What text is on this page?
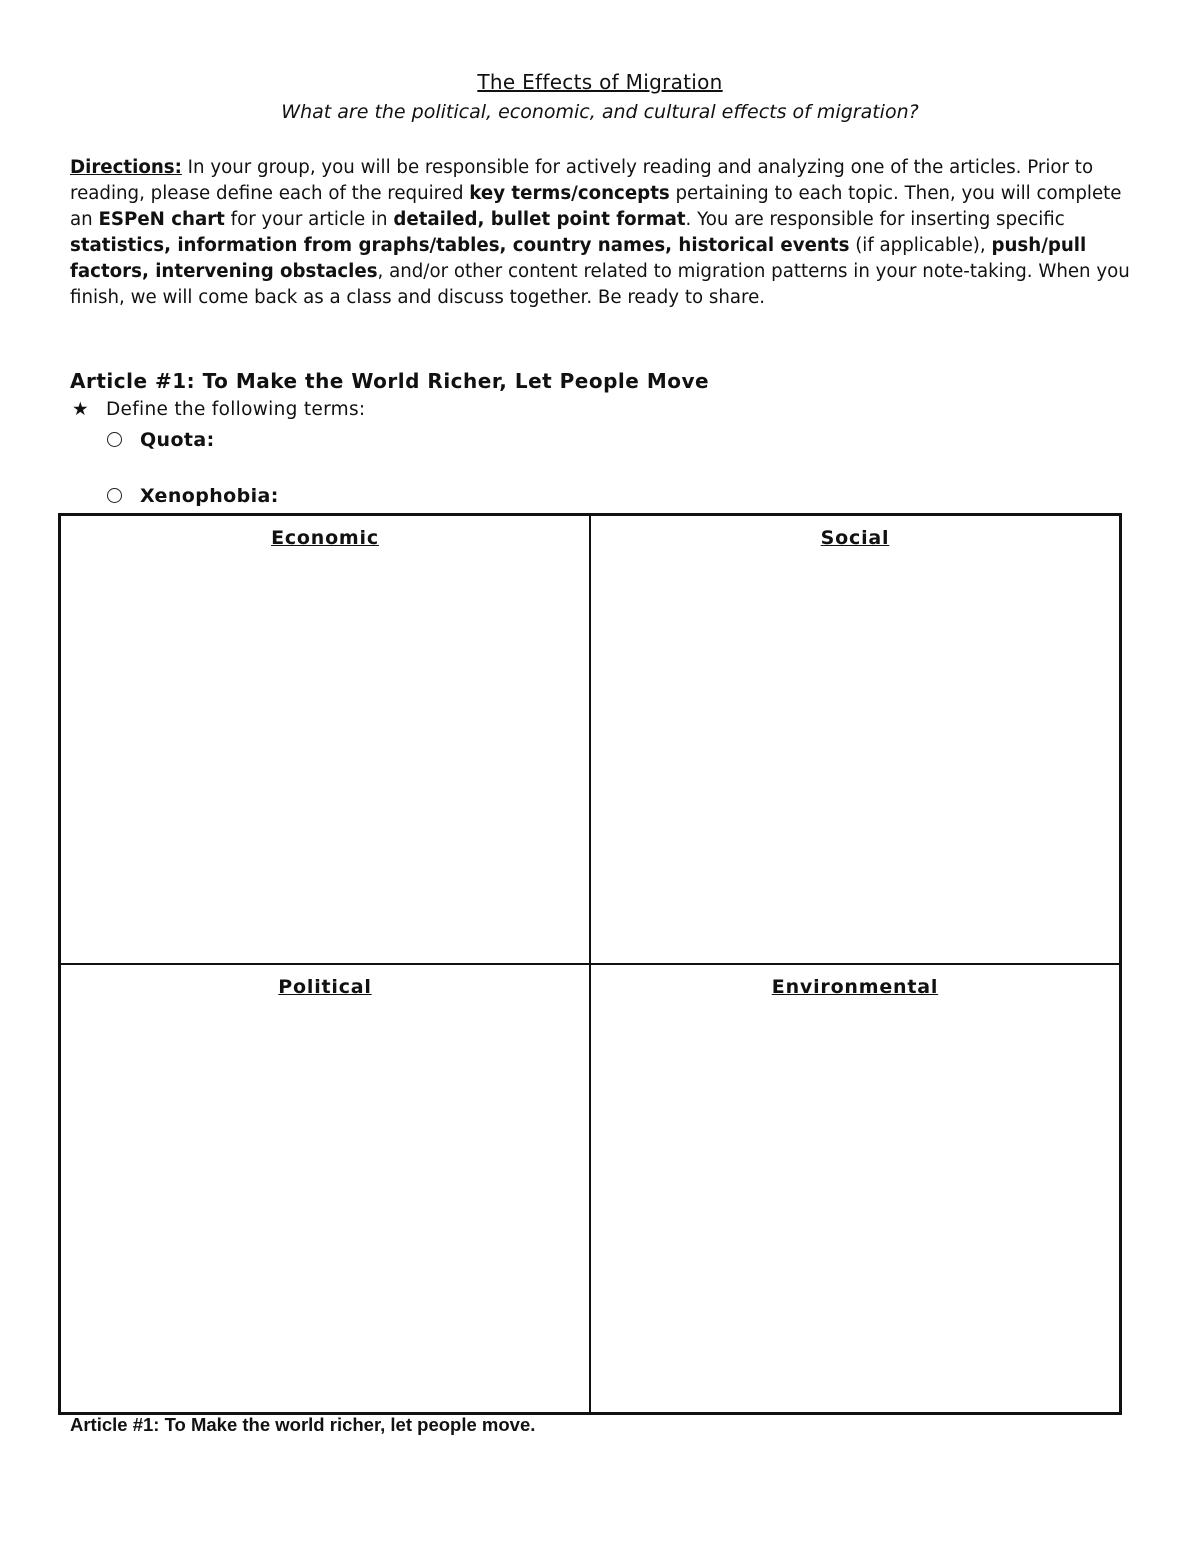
The Effects of Migration
What are the political, economic, and cultural effects of migration?
Directions: In your group, you will be responsible for actively reading and analyzing one of the articles. Prior to reading, please define each of the required key terms/concepts pertaining to each topic. Then, you will complete an ESPeN chart for your article in detailed, bullet point format. You are responsible for inserting specific statistics, information from graphs/tables, country names, historical events (if applicable), push/pull factors, intervening obstacles, and/or other content related to migration patterns in your note-taking. When you finish, we will come back as a class and discuss together. Be ready to share.
Article #1: To Make the World Richer, Let People Move
★ Define the following terms:
Quota:
Xenophobia:
Economic	Social
Political	Environmental
Article #1: To Make the world richer, let people move.
